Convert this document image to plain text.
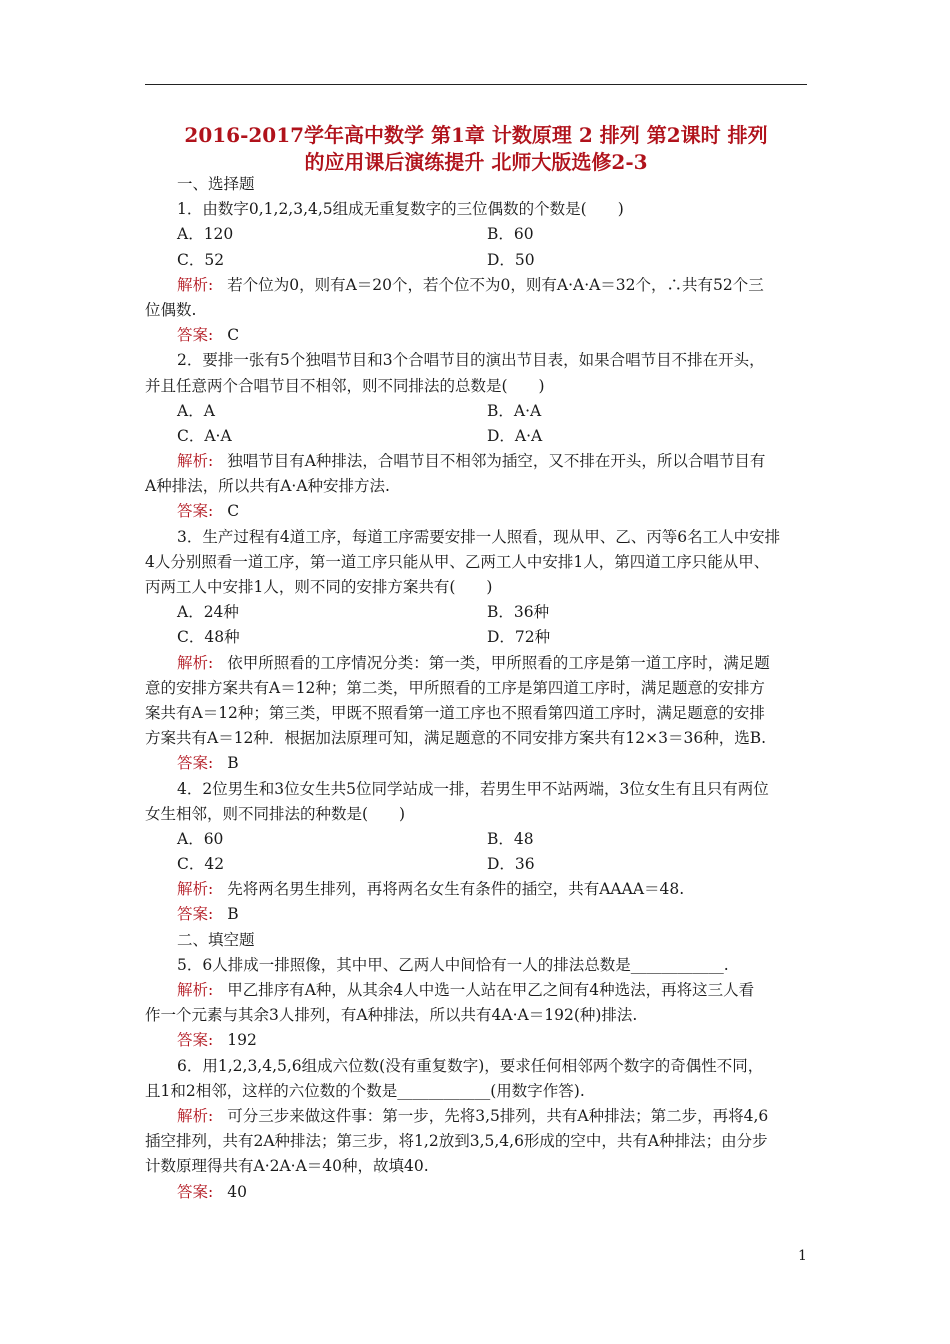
2016-2017学年高中数学 第1章 计数原理 2 排列 第2课时 排列
的应用课后演练提升 北师大版选修2-3
一、选择题
1．由数字0,1,2,3,4,5组成无重复数字的三位偶数的个数是(　　)
A．120	B．60
C．52	D．50
解析: 若个位为0，则有A＝20个，若个位不为0，则有A·A·A＝32个，∴共有52个三
位偶数.
答案: C
2．要排一张有5个独唱节目和3个合唱节目的演出节目表，如果合唱节目不排在开头，
并且任意两个合唱节目不相邻，则不同排法的总数是(　　)
A．A	B．A·A
C．A·A	D．A·A
解析: 独唱节目有A种排法，合唱节目不相邻为插空，又不排在开头，所以合唱节目有
A种排法，所以共有A·A种安排方法.
答案: C
3．生产过程有4道工序，每道工序需要安排一人照看，现从甲、乙、丙等6名工人中安排
4人分别照看一道工序，第一道工序只能从甲、乙两工人中安排1人，第四道工序只能从甲、
丙两工人中安排1人，则不同的安排方案共有(　　)
A．24种	B．36种
C．48种	D．72种
解析: 依甲所照看的工序情况分类：第一类，甲所照看的工序是第一道工序时，满足题
意的安排方案共有A＝12种；第二类，甲所照看的工序是第四道工序时，满足题意的安排方
案共有A＝12种；第三类，甲既不照看第一道工序也不照看第四道工序时，满足题意的安排
方案共有A＝12种．根据加法原理可知，满足题意的不同安排方案共有12×3＝36种，选B.
答案: B
4．2位男生和3位女生共5位同学站成一排，若男生甲不站两端，3位女生有且只有两位
女生相邻，则不同排法的种数是(　　)
A．60	B．48
C．42	D．36
解析: 先将两名男生排列，再将两名女生有条件的插空，共有AAAA＝48.
答案: B
二、填空题
5．6人排成一排照像，其中甲、乙两人中间恰有一人的排法总数是____________.
解析: 甲乙排序有A种，从其余4人中选一人站在甲乙之间有4种选法，再将这三人看
作一个元素与其余3人排列，有A种排法，所以共有4A·A＝192(种)排法.
答案: 192
6．用1,2,3,4,5,6组成六位数(没有重复数字)，要求任何相邻两个数字的奇偶性不同，
且1和2相邻，这样的六位数的个数是____________(用数字作答).
解析: 可分三步来做这件事：第一步，先将3,5排列，共有A种排法；第二步，再将4,6
插空排列，共有2A种排法；第三步，将1,2放到3,5,4,6形成的空中，共有A种排法；由分步
计数原理得共有A·2A·A＝40种，故填40.
答案: 40
1
